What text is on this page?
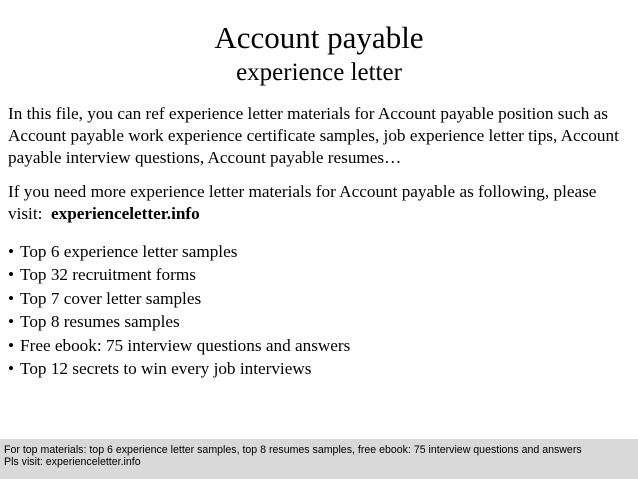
Account payable
experience letter

In this file, you can ref experience letter materials for Account payable position such as Account payable work experience certificate samples, job experience letter tips, Account payable interview questions, Account payable resumes…

If you need more experience letter materials for Account payable as following, please visit: experienceletter.info

• Top 6 experience letter samples
• Top 32 recruitment forms
• Top 7 cover letter samples
• Top 8 resumes samples
• Free ebook: 75 interview questions and answers
• Top 12 secrets to win every job interviews
For top materials: top 6 experience letter samples, top 8 resumes samples, free ebook: 75 interview questions and answers
Pls visit: experienceletter.info
